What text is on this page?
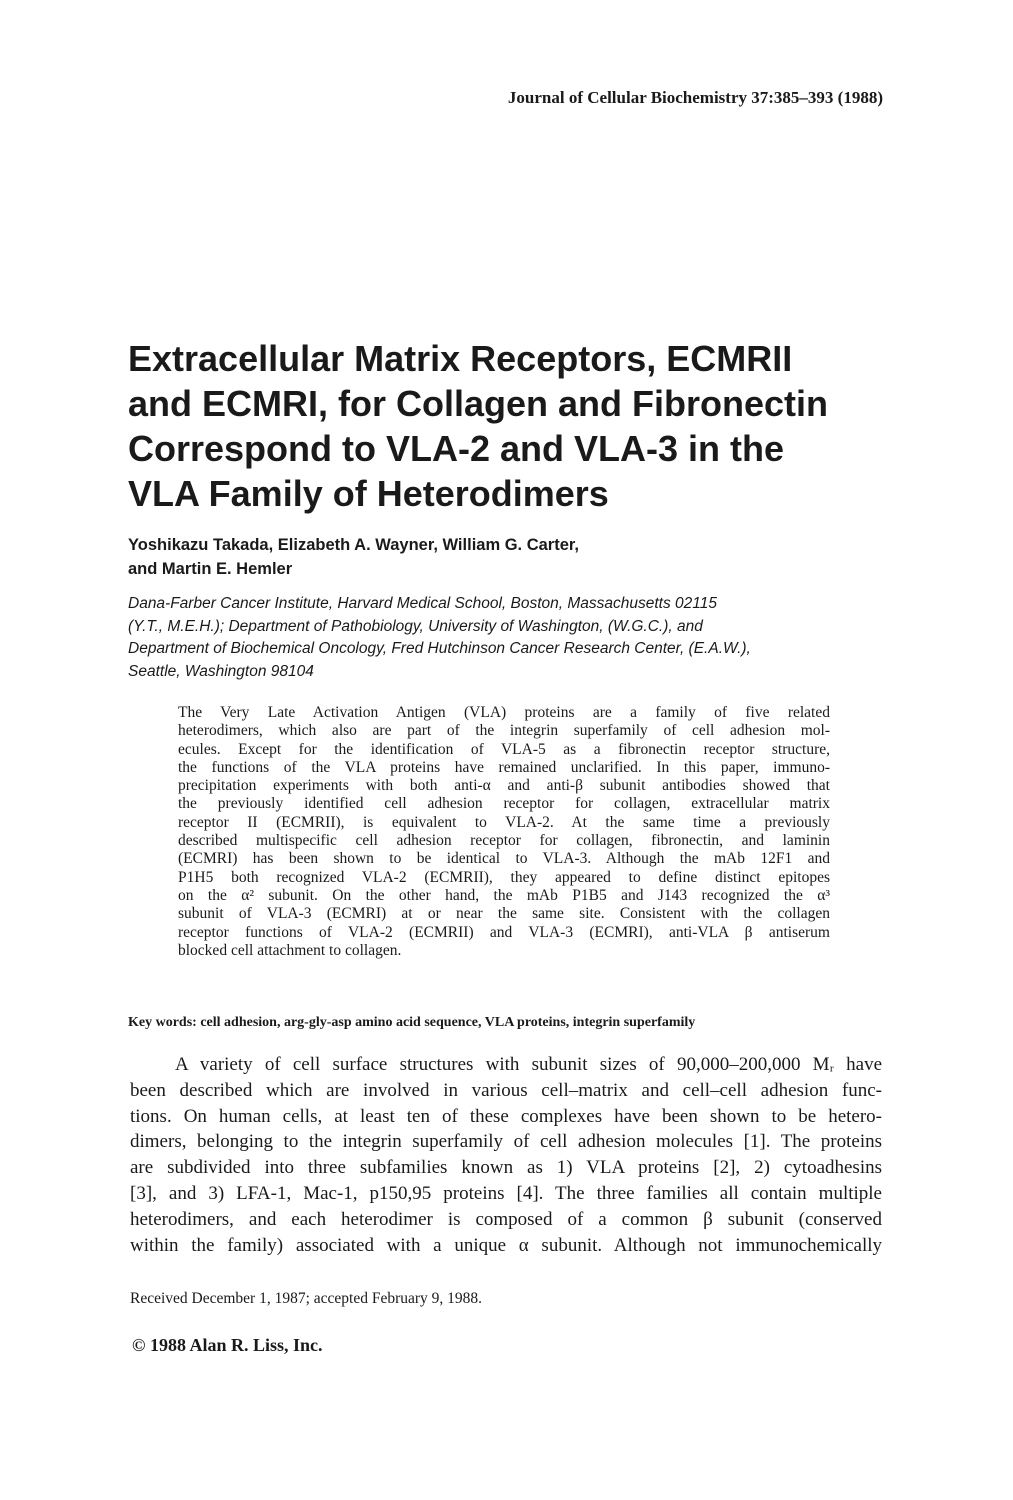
Journal of Cellular Biochemistry 37:385–393 (1988)
Extracellular Matrix Receptors, ECMRII
and ECMRI, for Collagen and Fibronectin
Correspond to VLA-2 and VLA-3 in the
VLA Family of Heterodimers
Yoshikazu Takada, Elizabeth A. Wayner, William G. Carter,
and Martin E. Hemler
Dana-Farber Cancer Institute, Harvard Medical School, Boston, Massachusetts 02115
(Y.T., M.E.H.); Department of Pathobiology, University of Washington, (W.G.C.), and
Department of Biochemical Oncology, Fred Hutchinson Cancer Research Center, (E.A.W.),
Seattle, Washington 98104
The Very Late Activation Antigen (VLA) proteins are a family of five related
heterodimers, which also are part of the integrin superfamily of cell adhesion mol-
ecules. Except for the identification of VLA-5 as a fibronectin receptor structure,
the functions of the VLA proteins have remained unclarified. In this paper, immuno-
precipitation experiments with both anti-α and anti-β subunit antibodies showed that
the previously identified cell adhesion receptor for collagen, extracellular matrix
receptor II (ECMRII), is equivalent to VLA-2. At the same time a previously
described multispecific cell adhesion receptor for collagen, fibronectin, and laminin
(ECMRI) has been shown to be identical to VLA-3. Although the mAb 12F1 and
P1H5 both recognized VLA-2 (ECMRII), they appeared to define distinct epitopes
on the α² subunit. On the other hand, the mAb P1B5 and J143 recognized the α³
subunit of VLA-3 (ECMRI) at or near the same site. Consistent with the collagen
receptor functions of VLA-2 (ECMRII) and VLA-3 (ECMRI), anti-VLA β antiserum
blocked cell attachment to collagen.
Key words: cell adhesion, arg-gly-asp amino acid sequence, VLA proteins, integrin superfamily
A variety of cell surface structures with subunit sizes of 90,000–200,000 Mᵣ have
been described which are involved in various cell–matrix and cell–cell adhesion func-
tions. On human cells, at least ten of these complexes have been shown to be hetero-
dimers, belonging to the integrin superfamily of cell adhesion molecules [1]. The proteins
are subdivided into three subfamilies known as 1) VLA proteins [2], 2) cytoadhesins
[3], and 3) LFA-1, Mac-1, p150,95 proteins [4]. The three families all contain multiple
heterodimers, and each heterodimer is composed of a common β subunit (conserved
within the family) associated with a unique α subunit. Although not immunochemically
Received December 1, 1987; accepted February 9, 1988.
© 1988 Alan R. Liss, Inc.
